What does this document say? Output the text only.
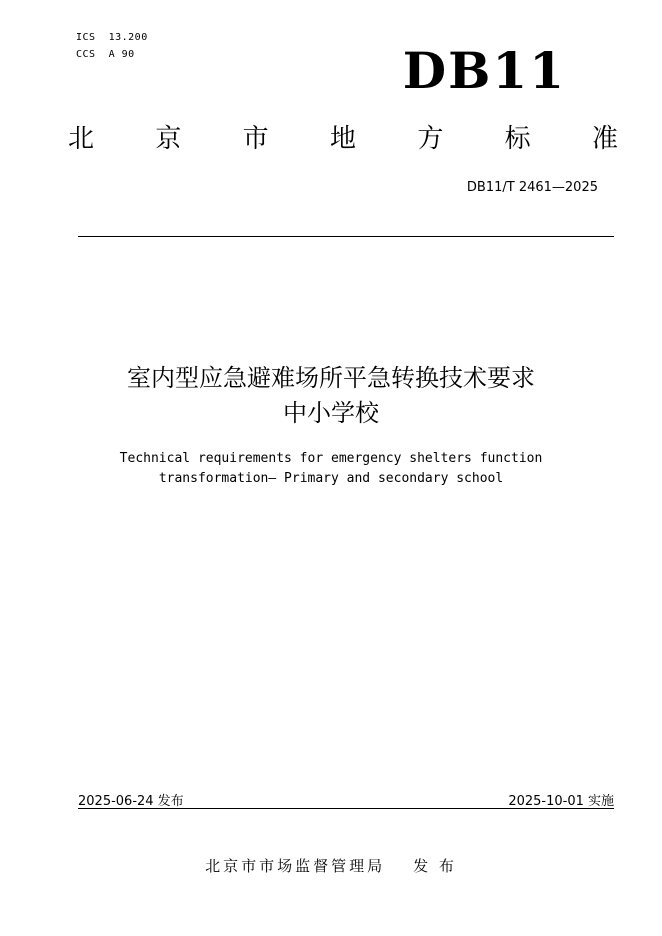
ICS  13.200
CCS  A 90	DB11
北 京 市 地 方 标 准
DB11/T 2461—2025
室内型应急避难场所平急转换技术要求
中小学校
Technical requirements for emergency shelters function
transformation— Primary and secondary school
2025-06-24 发布	2025-10-01 实施
北京市市场监督管理局 发 布
